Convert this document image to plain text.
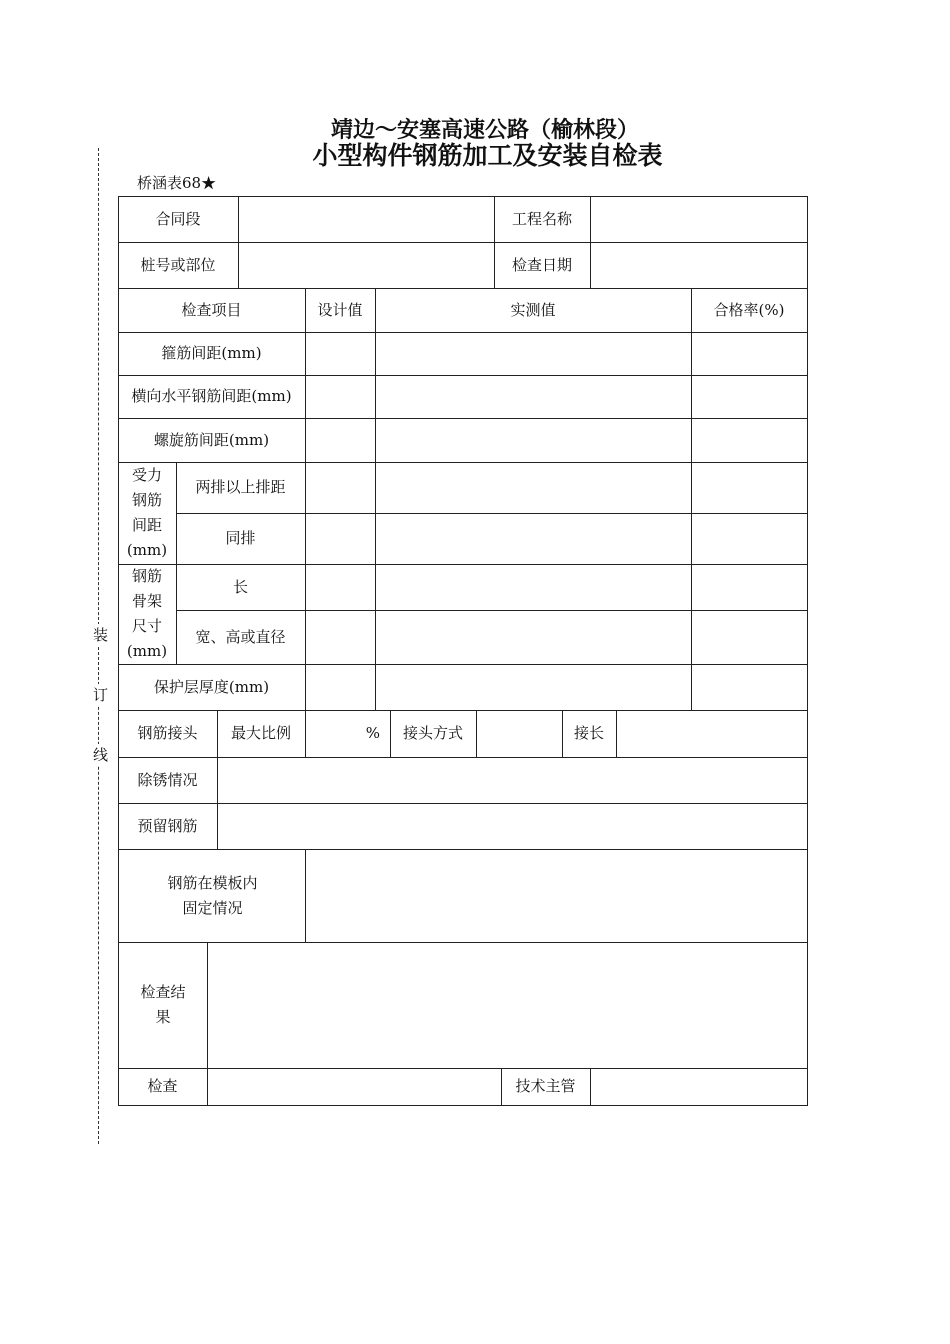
装
订
线
靖边～安塞高速公路（榆林段）
小型构件钢筋加工及安装自检表
桥涵表68★
合同段	工程名称
桩号或部位	检查日期
检查项目	设计值	实测值	合格率(%)
箍筋间距(mm)
横向水平钢筋间距(mm)
螺旋筋间距(mm)
受力钢筋间距(mm)
两排以上排距
同排
钢筋骨架尺寸(mm)
长
宽、高或直径
保护层厚度(mm)
钢筋接头	最大比例	%	接头方式	接长
除锈情况
预留钢筋
钢筋在模板内固定情况
检查结果
检查	技术主管
